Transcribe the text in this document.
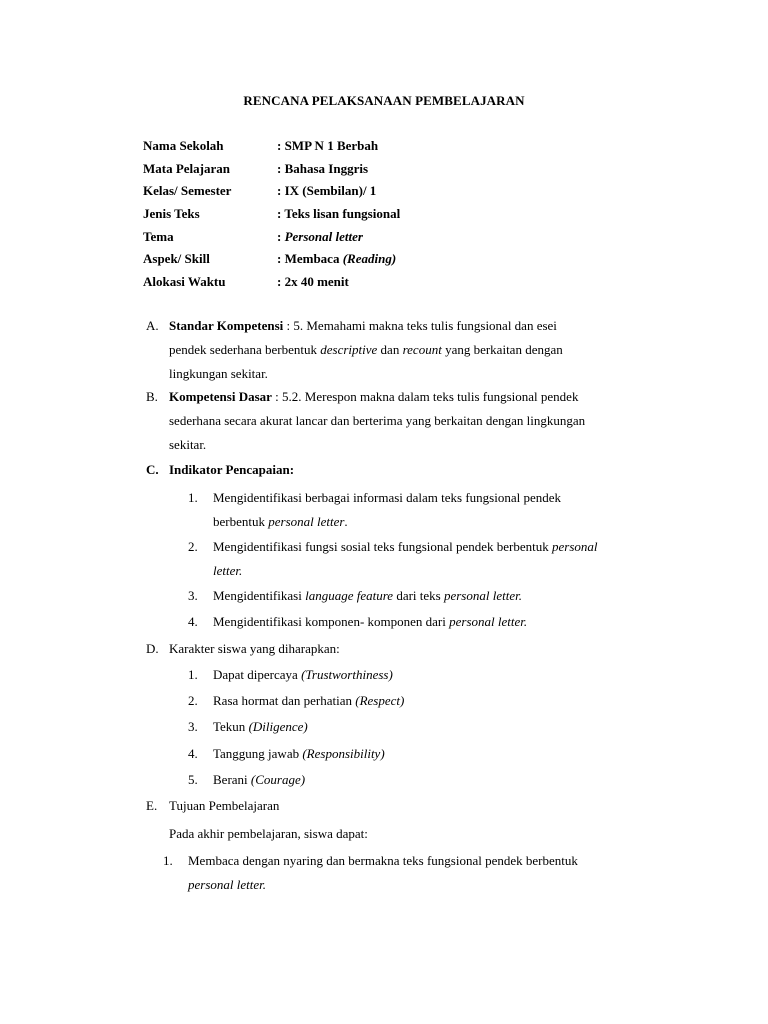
RENCANA PELAKSANAAN PEMBELAJARAN
Nama Sekolah	: SMP N 1 Berbah
Mata Pelajaran	: Bahasa Inggris
Kelas/ Semester	: IX (Sembilan)/ 1
Jenis Teks	: Teks lisan fungsional
Tema	: Personal letter
Aspek/ Skill	: Membaca (Reading)
Alokasi Waktu	: 2x 40 menit
A. Standar Kompetensi : 5. Memahami makna teks tulis fungsional dan esei
pendek sederhana berbentuk descriptive dan recount yang berkaitan dengan
lingkungan sekitar.
B. Kompetensi Dasar : 5.2. Merespon makna dalam teks tulis fungsional pendek
sederhana secara akurat lancar dan berterima yang berkaitan dengan lingkungan
sekitar.
C. Indikator Pencapaian:
1. Mengidentifikasi berbagai informasi dalam teks fungsional pendek
berbentuk personal letter.
2. Mengidentifikasi fungsi sosial teks fungsional pendek berbentuk personal
letter.
3. Mengidentifikasi language feature dari teks personal letter.
4. Mengidentifikasi komponen- komponen dari personal letter.
D. Karakter siswa yang diharapkan:
1. Dapat dipercaya (Trustworthiness)
2. Rasa hormat dan perhatian (Respect)
3. Tekun (Diligence)
4. Tanggung jawab (Responsibility)
5. Berani (Courage)
E. Tujuan Pembelajaran
Pada akhir pembelajaran, siswa dapat:
1. Membaca dengan nyaring dan bermakna teks fungsional pendek berbentuk
personal letter.
